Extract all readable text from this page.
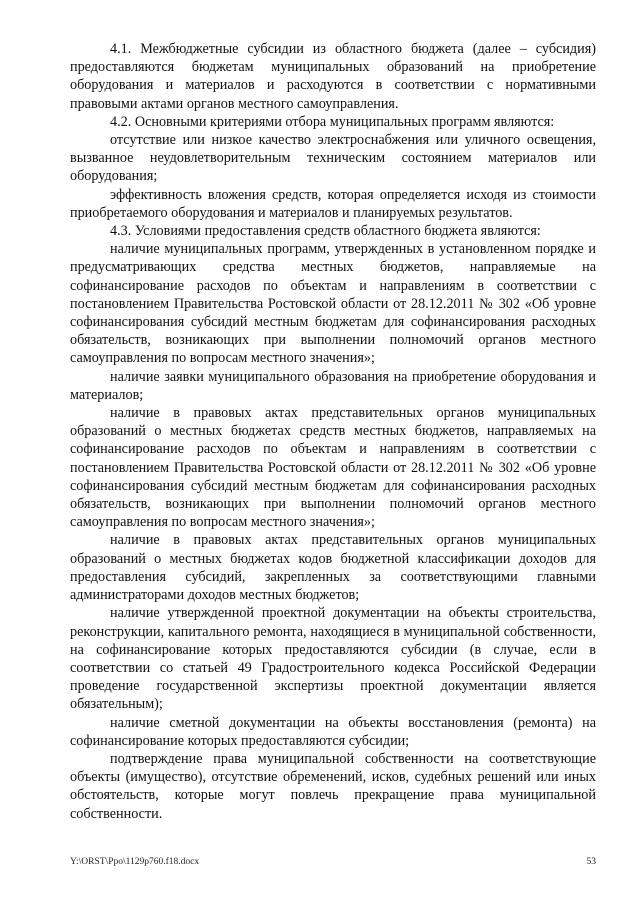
4.1. Межбюджетные субсидии из областного бюджета (далее – субсидия) предоставляются бюджетам муниципальных образований на приобретение оборудования и материалов и расходуются в соответствии с нормативными правовыми актами органов местного самоуправления.

4.2. Основными критериями отбора муниципальных программ являются:

отсутствие или низкое качество электроснабжения или уличного освещения, вызванное неудовлетворительным техническим состоянием материалов или оборудования;

эффективность вложения средств, которая определяется исходя из стоимости приобретаемого оборудования и материалов и планируемых результатов.

4.3. Условиями предоставления средств областного бюджета являются:

наличие муниципальных программ, утвержденных в установленном порядке и предусматривающих средства местных бюджетов, направляемые на софинансирование расходов по объектам и направлениям в соответствии с постановлением Правительства Ростовской области от 28.12.2011 № 302 «Об уровне софинансирования субсидий местным бюджетам для софинансирования расходных обязательств, возникающих при выполнении полномочий органов местного самоуправления по вопросам местного значения»;

наличие заявки муниципального образования на приобретение оборудования и материалов;

наличие в правовых актах представительных органов муниципальных образований о местных бюджетах средств местных бюджетов, направляемых на софинансирование расходов по объектам и направлениям в соответствии с постановлением Правительства Ростовской области от 28.12.2011 № 302 «Об уровне софинансирования субсидий местным бюджетам для софинансирования расходных обязательств, возникающих при выполнении полномочий органов местного самоуправления по вопросам местного значения»;

наличие в правовых актах представительных органов муниципальных образований о местных бюджетах кодов бюджетной классификации доходов для предоставления субсидий, закрепленных за соответствующими главными администраторами доходов местных бюджетов;

наличие утвержденной проектной документации на объекты строительства, реконструкции, капитального ремонта, находящиеся в муниципальной собственности, на софинансирование которых предоставляются субсидии (в случае, если в соответствии со статьей 49 Градостроительного кодекса Российской Федерации проведение государственной экспертизы проектной документации является обязательным);

наличие сметной документации на объекты восстановления (ремонта) на софинансирование которых предоставляются субсидии;

подтверждение права муниципальной собственности на соответствующие объекты (имущество), отсутствие обременений, исков, судебных решений или иных обстоятельств, которые могут повлечь прекращение права муниципальной собственности.

Y:\ORST\Ppo\1129p760.f18.docx	53
